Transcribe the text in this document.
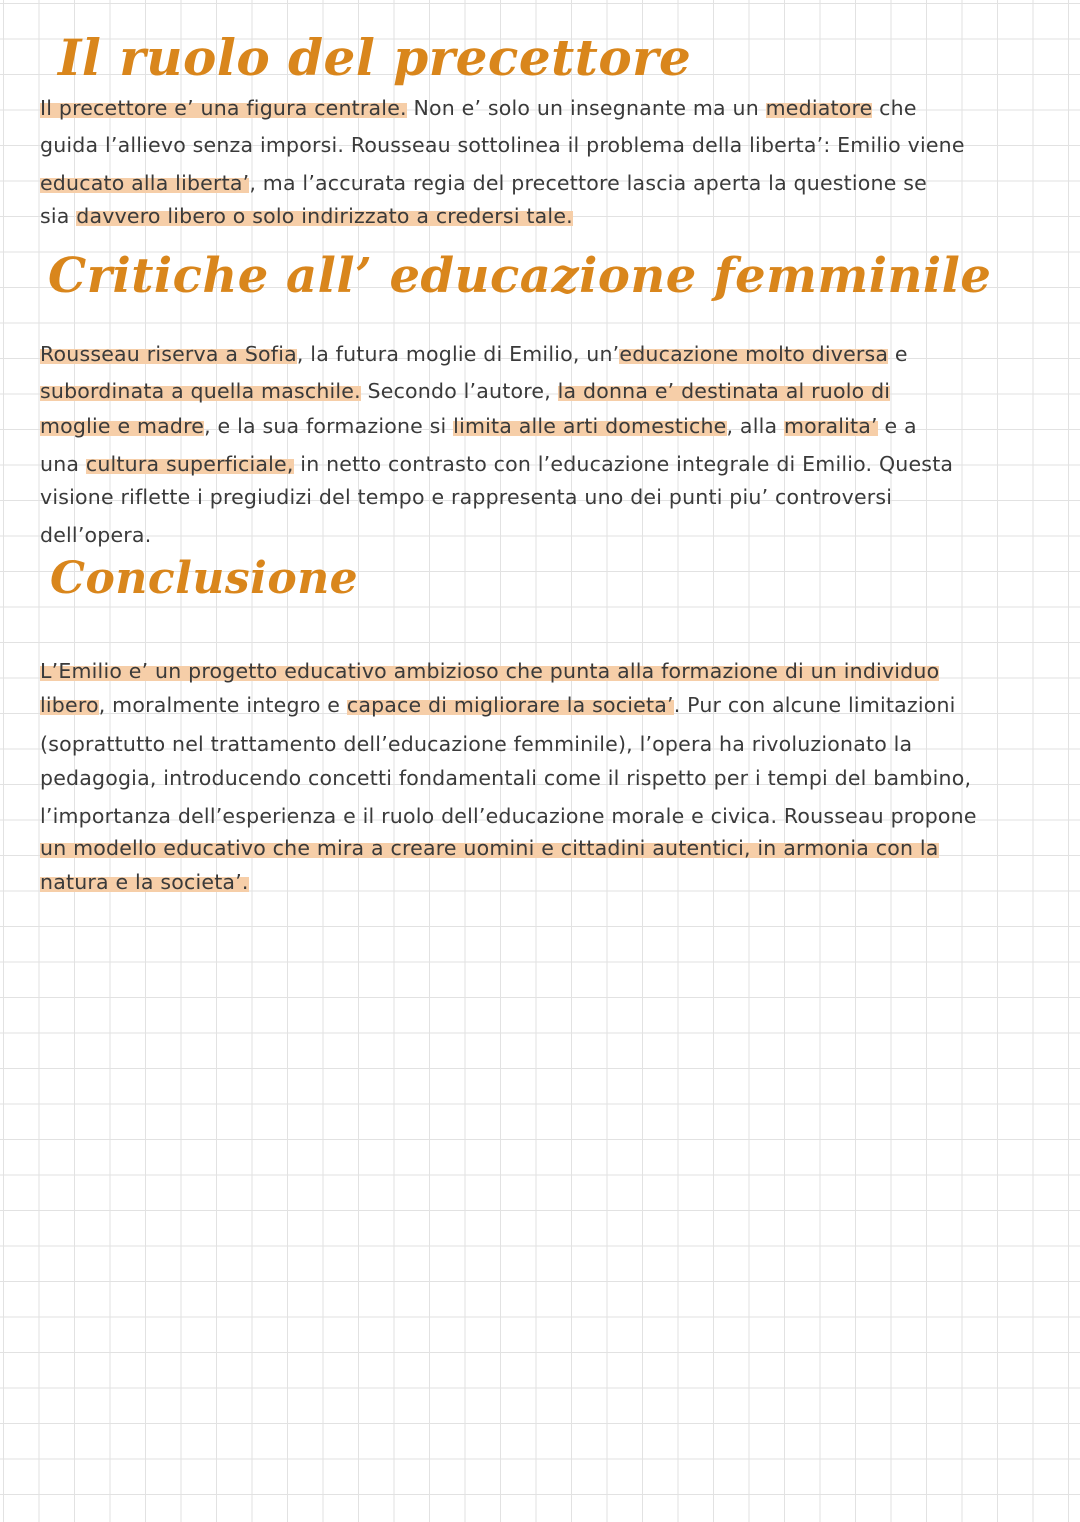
Il ruolo del precettore
Il precettore e’ una figura centrale. Non e’ solo un insegnante ma un mediatore che
guida l’allievo senza imporsi. Rousseau sottolinea il problema della liberta’: Emilio viene
educato alla liberta’, ma l’accurata regia del precettore lascia aperta la questione se
sia davvero libero o solo indirizzato a credersi tale.
Critiche all’ educazione femminile
Rousseau riserva a Sofia, la futura moglie di Emilio, un’educazione molto diversa e
subordinata a quella maschile. Secondo l’autore, la donna e’ destinata al ruolo di
moglie e madre, e la sua formazione si limita alle arti domestiche, alla moralita’ e a
una cultura superficiale, in netto contrasto con l’educazione integrale di Emilio. Questa
visione riflette i pregiudizi del tempo e rappresenta uno dei punti piu’ controversi
dell’opera.
Conclusione
L’Emilio e’ un progetto educativo ambizioso che punta alla formazione di un individuo
libero, moralmente integro e capace di migliorare la societa’. Pur con alcune limitazioni
(soprattutto nel trattamento dell’educazione femminile), l’opera ha rivoluzionato la
pedagogia, introducendo concetti fondamentali come il rispetto per i tempi del bambino,
l’importanza dell’esperienza e il ruolo dell’educazione morale e civica. Rousseau propone
un modello educativo che mira a creare uomini e cittadini autentici, in armonia con la
natura e la societa’.
